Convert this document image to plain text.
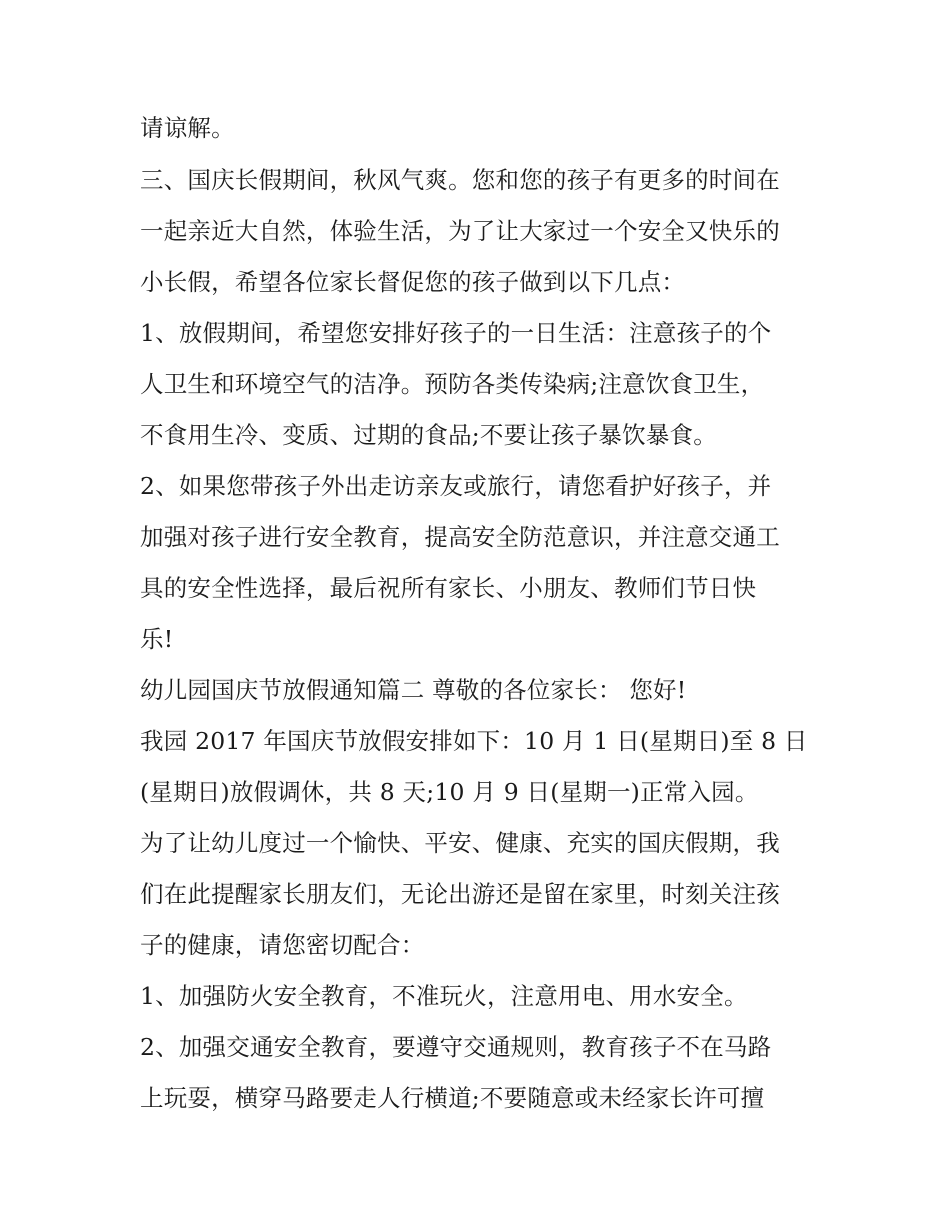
请谅解。

三、国庆长假期间，秋风气爽。您和您的孩子有更多的时间在

一起亲近大自然，体验生活，为了让大家过一个安全又快乐的

小长假，希望各位家长督促您的孩子做到以下几点：

1、放假期间，希望您安排好孩子的一日生活：注意孩子的个

人卫生和环境空气的洁净。预防各类传染病;注意饮食卫生，

不食用生冷、变质、过期的食品;不要让孩子暴饮暴食。

2、如果您带孩子外出走访亲友或旅行，请您看护好孩子，并

加强对孩子进行安全教育，提高安全防范意识，并注意交通工

具的安全性选择，最后祝所有家长、小朋友、教师们节日快

乐!

幼儿园国庆节放假通知篇二 尊敬的各位家长： 您好!

我园 2017 年国庆节放假安排如下：10 月 1 日(星期日)至 8 日

(星期日)放假调休，共 8 天;10 月 9 日(星期一)正常入园。

为了让幼儿度过一个愉快、平安、健康、充实的国庆假期，我

们在此提醒家长朋友们，无论出游还是留在家里，时刻关注孩

子的健康，请您密切配合：

1、加强防火安全教育，不准玩火，注意用电、用水安全。

2、加强交通安全教育，要遵守交通规则，教育孩子不在马路

上玩耍，横穿马路要走人行横道;不要随意或未经家长许可擅
